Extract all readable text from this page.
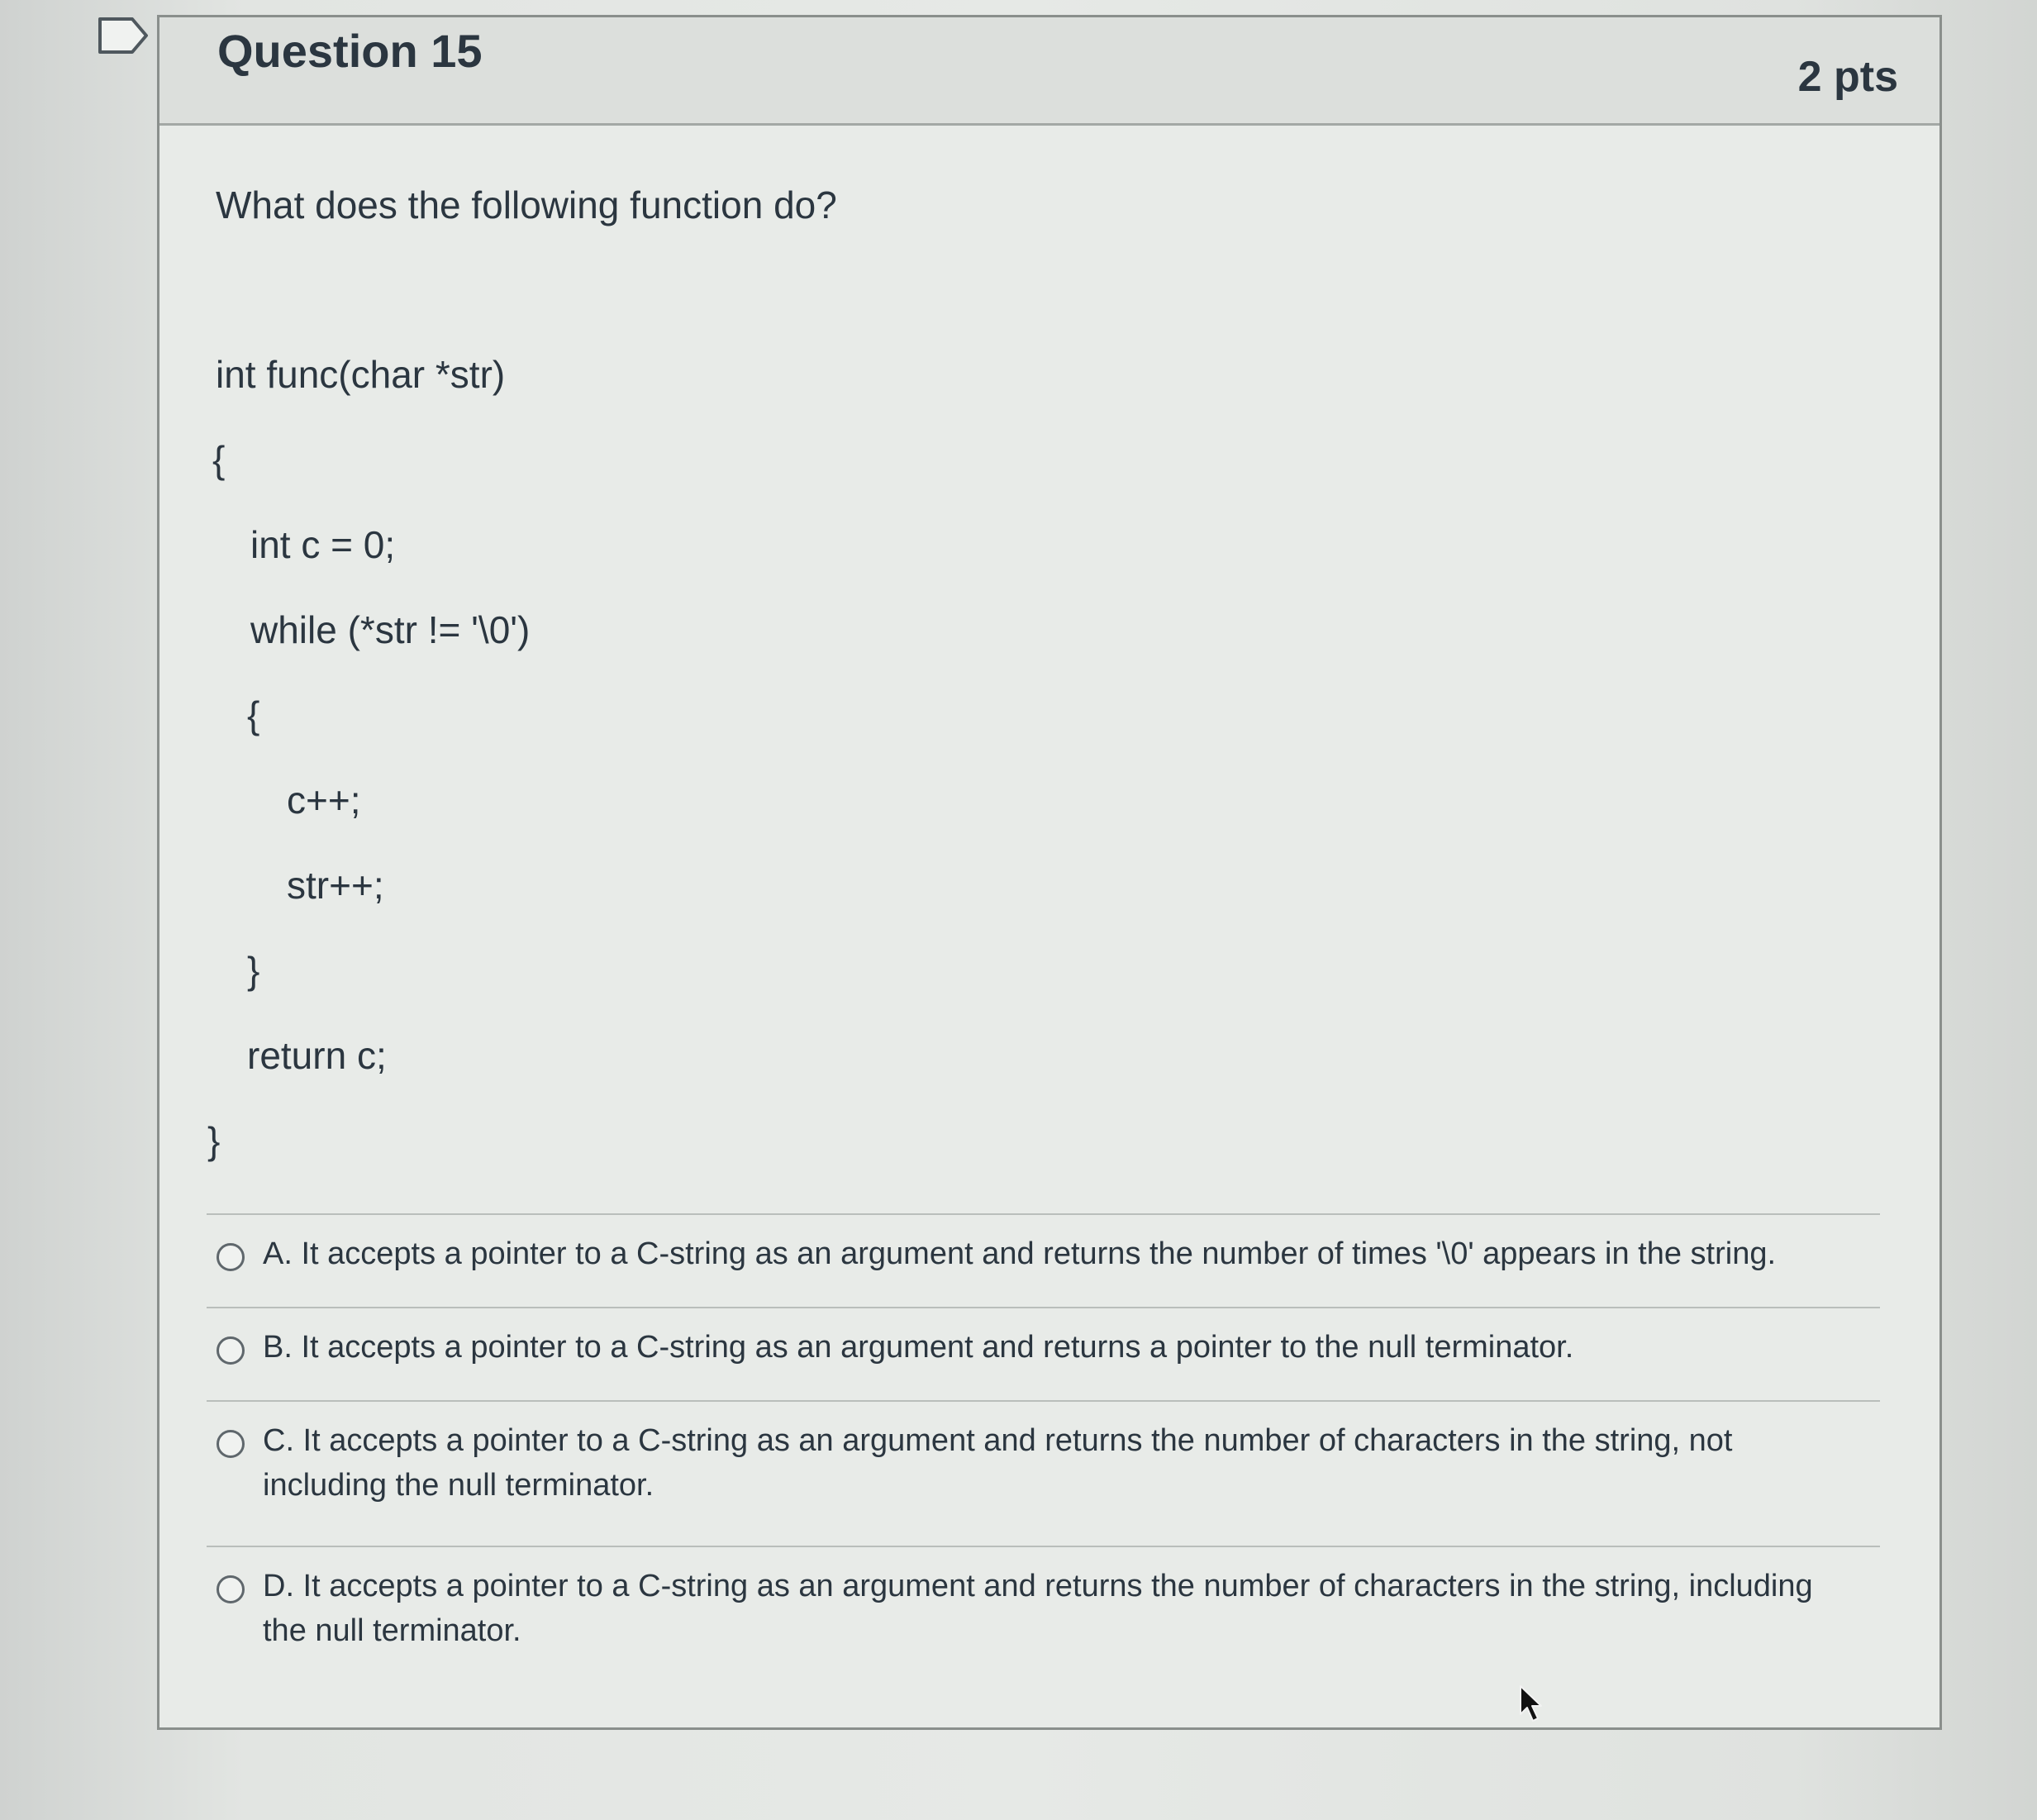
Question 15	2 pts

What does the following function do?

int func(char *str)
{
int c = 0;
while (*str != '\0')
{
c++;
str++;
}
return c;
}
A. It accepts a pointer to a C-string as an argument and returns the number of times '\0' appears in the string.
B. It accepts a pointer to a C-string as an argument and returns a pointer to the null terminator.
C. It accepts a pointer to a C-string as an argument and returns the number of characters in the string, not including the null terminator.
D. It accepts a pointer to a C-string as an argument and returns the number of characters in the string, including the null terminator.
